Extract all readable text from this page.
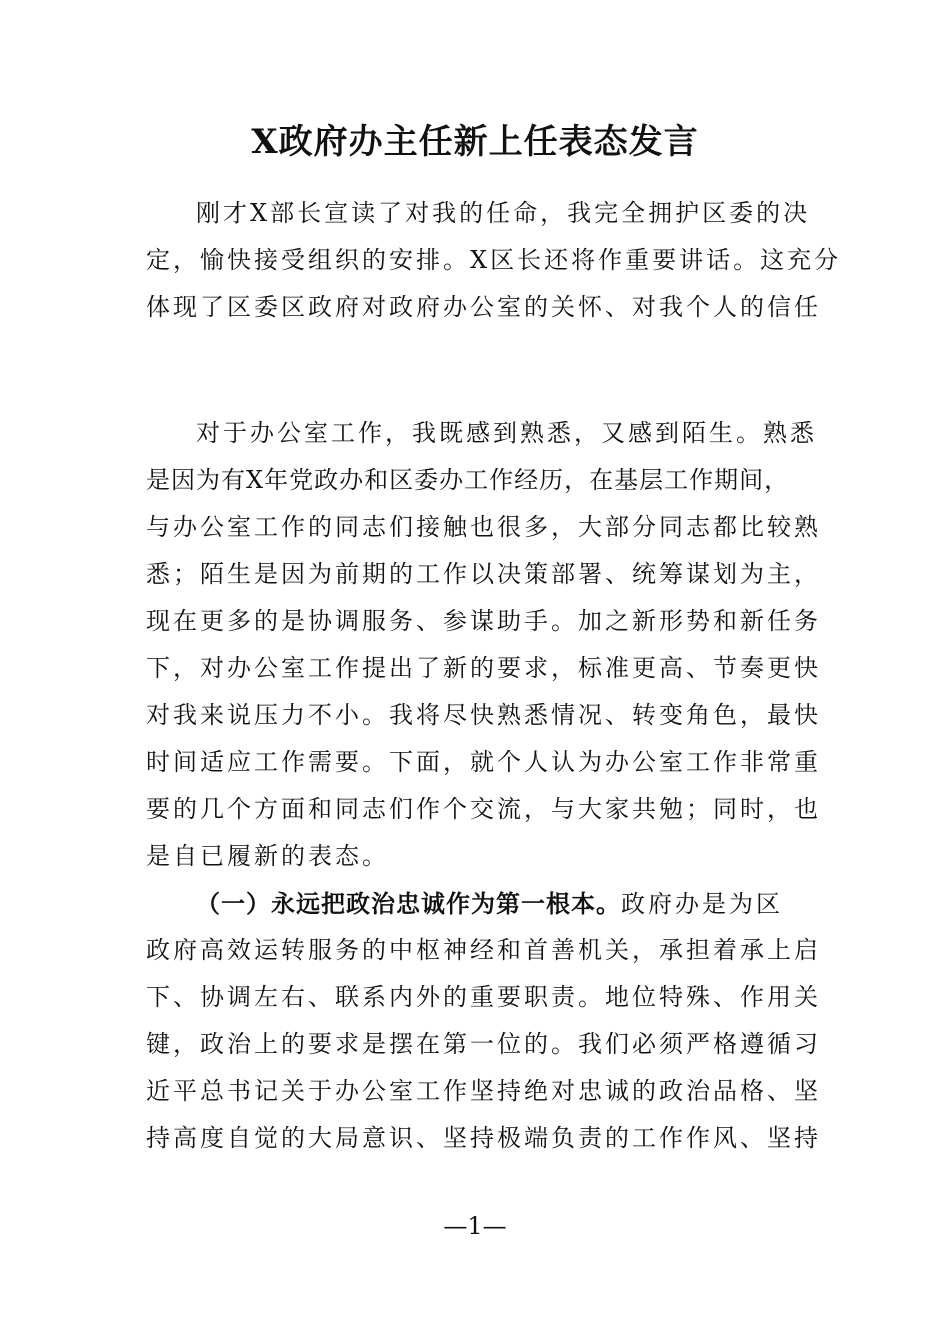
X政府办主任新上任表态发言
刚才X部长宣读了对我的任命，我完全拥护区委的决
定，愉快接受组织的安排。X区长还将作重要讲话。这充分
体现了区委区政府对政府办公室的关怀、对我个人的信任
对于办公室工作，我既感到熟悉，又感到陌生。熟悉
是因为有X年党政办和区委办工作经历，在基层工作期间，
与办公室工作的同志们接触也很多，大部分同志都比较熟
悉；陌生是因为前期的工作以决策部署、统筹谋划为主，
现在更多的是协调服务、参谋助手。加之新形势和新任务
下，对办公室工作提出了新的要求，标准更高、节奏更快
对我来说压力不小。我将尽快熟悉情况、转变角色，最快
时间适应工作需要。下面，就个人认为办公室工作非常重
要的几个方面和同志们作个交流，与大家共勉；同时，也
是自已履新的表态。
（一）永远把政治忠诚作为第一根本。政府办是为区
政府高效运转服务的中枢神经和首善机关，承担着承上启
下、协调左右、联系内外的重要职责。地位特殊、作用关
键，政治上的要求是摆在第一位的。我们必须严格遵循习
近平总书记关于办公室工作坚持绝对忠诚的政治品格、坚
持高度自觉的大局意识、坚持极端负责的工作作风、坚持
—1—
